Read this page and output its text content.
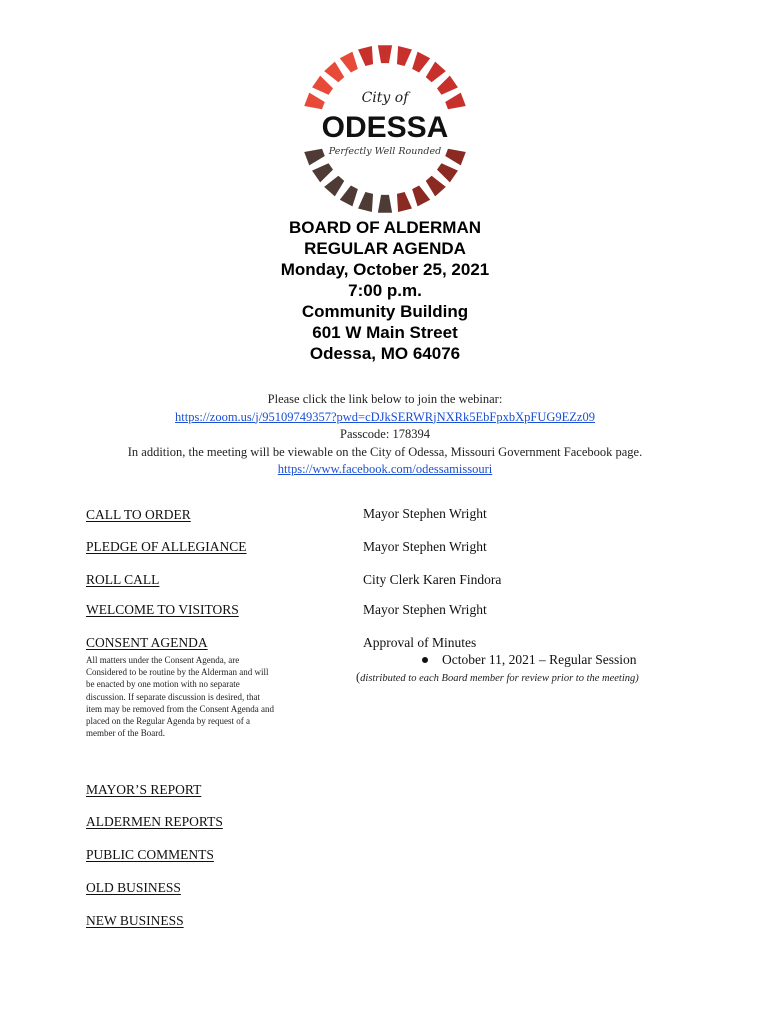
City of
ODESSA
Perfectly Well Rounded
BOARD OF ALDERMAN
REGULAR AGENDA
Monday, October 25, 2021
7:00 p.m.
Community Building
601 W Main Street
Odessa, MO 64076
Please click the link below to join the webinar:
https://zoom.us/j/95109749357?pwd=cDJkSERWRjNXRk5EbFpxbXpFUG9EZz09
Passcode: 178394
In addition, the meeting will be viewable on the City of Odessa, Missouri Government Facebook page.
https://www.facebook.com/odessamissouri
CALL TO ORDER	Mayor Stephen Wright
PLEDGE OF ALLEGIANCE	Mayor Stephen Wright
ROLL CALL	City Clerk Karen Findora
WELCOME TO VISITORS	Mayor Stephen Wright
CONSENT AGENDA	Approval of Minutes
All matters under the Consent Agenda, are Considered to be routine by the Alderman and will be enacted by one motion with no separate discussion. If separate discussion is desired, that item may be removed from the Consent Agenda and placed on the Regular Agenda by request of a member of the Board.
October 11, 2021 – Regular Session
(distributed to each Board member for review prior to the meeting)
MAYOR’S REPORT
ALDERMEN REPORTS
PUBLIC COMMENTS
OLD BUSINESS
NEW BUSINESS
